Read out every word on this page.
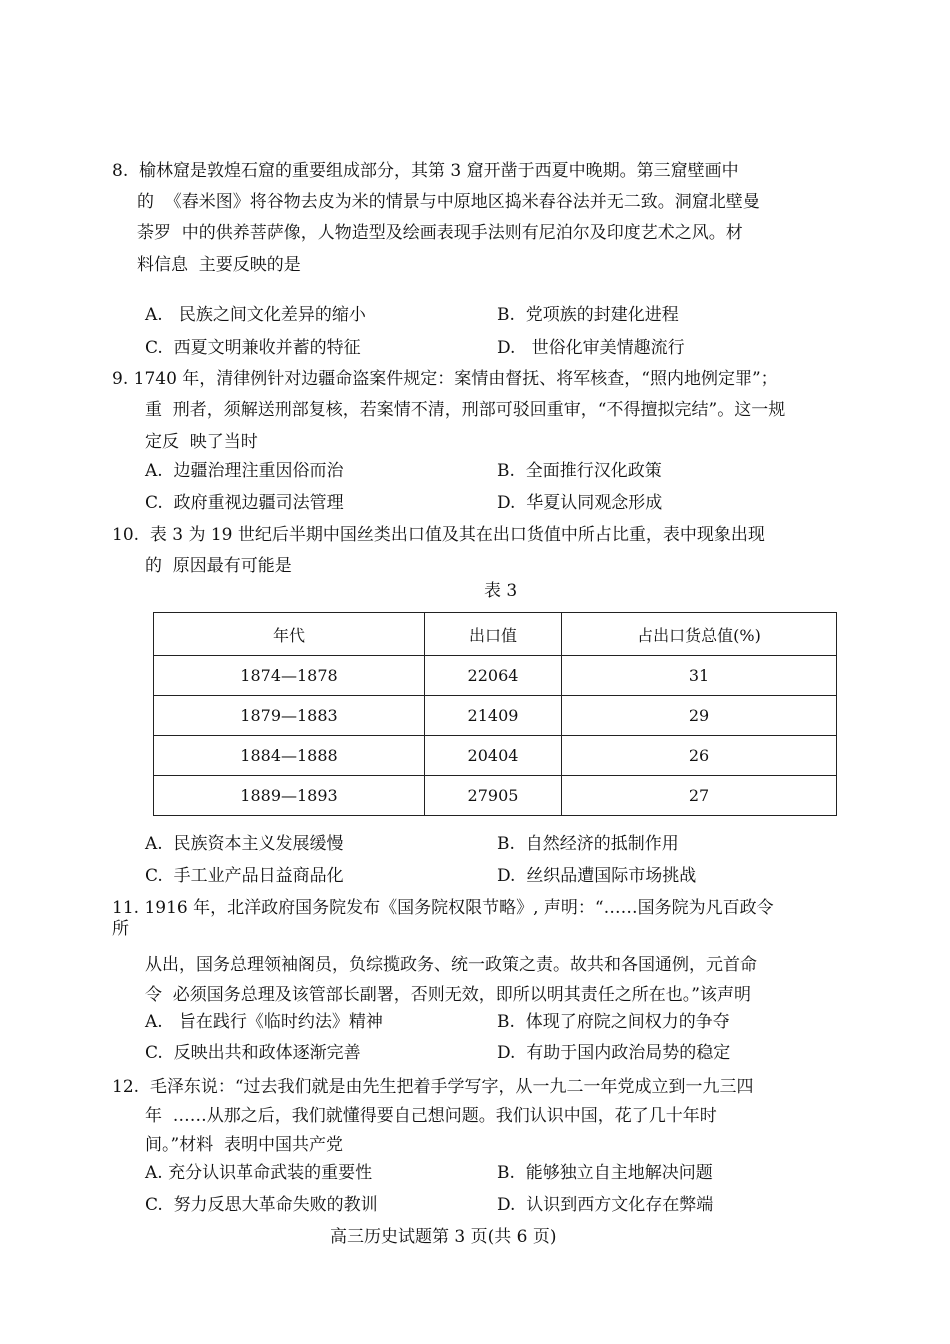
8.  榆林窟是敦煌石窟的重要组成部分，其第 3 窟开凿于西夏中晚期。第三窟壁画中
的  《舂米图》将谷物去皮为米的情景与中原地区捣米舂谷法并无二致。洞窟北壁曼
荼罗  中的供养菩萨像，人物造型及绘画表现手法则有尼泊尔及印度艺术之风。材
料信息  主要反映的是
A.   民族之间文化差异的缩小	B.  党项族的封建化进程
C.  西夏文明兼收并蓄的特征	D.   世俗化审美情趣流行
9. 1740 年，清律例针对边疆命盗案件规定：案情由督抚、将军核查，“照内地例定罪”；
重  刑者，须解送刑部复核，若案情不清，刑部可驳回重审，“不得擅拟完结”。这一规
定反  映了当时
A.  边疆治理注重因俗而治	B.  全面推行汉化政策
C.  政府重视边疆司法管理	D.  华夏认同观念形成
10.  表 3 为 19 世纪后半期中国丝类出口值及其在出口货值中所占比重，表中现象出现
的  原因最有可能是
表 3
年代	出口值	占出口货总值(%)
1874—1878	22064	31
1879—1883	21409	29
1884—1888	20404	26
1889—1893	27905	27
A.  民族资本主义发展缓慢	B.  自然经济的抵制作用
C.  手工业产品日益商品化	D.  丝织品遭国际市场挑战
11. 1916 年，北洋政府国务院发布《国务院权限节略》, 声明：“……国务院为凡百政令
所
从出，国务总理领袖阁员，负综揽政务、统一政策之责。故共和各国通例，元首命
令  必须国务总理及该管部长副署，否则无效，即所以明其责任之所在也。”该声明
A.   旨在践行《临时约法》精神	B.  体现了府院之间权力的争夺
C.  反映出共和政体逐渐完善	D.  有助于国内政治局势的稳定
12.  毛泽东说：“过去我们就是由先生把着手学写字，从一九二一年党成立到一九三四
年  ……从那之后，我们就懂得要自己想问题。我们认识中国，花了几十年时
间。”材料  表明中国共产党
A. 充分认识革命武装的重要性	B.  能够独立自主地解决问题
C.  努力反思大革命失败的教训	D.  认识到西方文化存在弊端
高三历史试题第 3 页(共 6 页)
